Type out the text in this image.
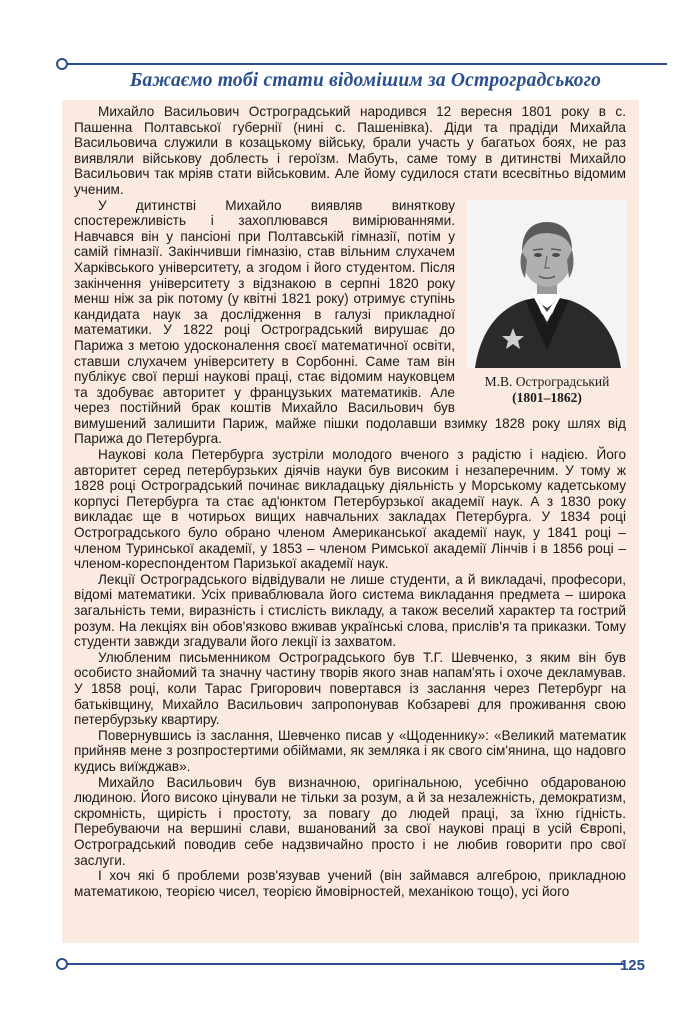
Бажаємо тобі стати відомішим за Остроградського

Михайло Васильович Остроградський народився 12 вересня 1801 року в с. Пашенна Полтавської губернії (нині с. Пашенівка). Діди та прадіди Михайла Васильовича служили в козацькому війську, брали участь у багатьох боях, не раз виявляли військову доблесть і героїзм. Мабуть, саме тому в дитинстві Михайло Васильович так мріяв стати військовим. Але йому судилося стати всесвітньо відомим ученим.

М.В. Остроградський
(1801–1862)

У дитинстві Михайло виявляв виняткову спостережливість і захоплювався вимірюваннями. Навчався він у пансіоні при Полтавській гімназії, потім у самій гімназії. Закінчивши гімназію, став вільним слухачем Харківського університету, а згодом і його студентом. Після закінчення університету з відзнакою в серпні 1820 року менш ніж за рік потому (у квітні 1821 року) отримує ступінь кандидата наук за дослідження в галузі прикладної математики. У 1822 році Остроградський вирушає до Парижа з метою удосконалення своєї математичної освіти, ставши слухачем університету в Сорбонні. Саме там він публікує свої перші наукові праці, стає відомим науковцем та здобуває авторитет у французьких математиків. Але через постійний брак коштів Михайло Васильович був вимушений залишити Париж, майже пішки подолавши взимку 1828 року шлях від Парижа до Петербурга.

Наукові кола Петербурга зустріли молодого вченого з радістю і надією. Його авторитет серед петербурзьких діячів науки був високим і незаперечним. У тому ж 1828 році Остроградський починає викладацьку діяльність у Морському кадетському корпусі Петербурга та стає ад'юнктом Петербурзької академії наук. А з 1830 року викладає ще в чотирьох вищих навчальних закладах Петербурга. У 1834 році Остроградського було обрано членом Американської академії наук, у 1841 році – членом Туринської академії, у 1853 – членом Римської академії Лінчів і в 1856 році – членом-кореспондентом Паризької академії наук.

Лекції Остроградського відвідували не лише студенти, а й викладачі, професори, відомі математики. Усіх приваблювала його система викладання предмета – широка загальність теми, виразність і стислість викладу, а також веселий характер та гострий розум. На лекціях він обов'язково вживав українські слова, прислів'я та приказки. Тому студенти завжди згадували його лекції із захватом.

Улюбленим письменником Остроградського був Т.Г. Шевченко, з яким він був особисто знайомий та значну частину творів якого знав напам'ять і охоче декламував. У 1858 році, коли Тарас Григорович повертався із заслання через Петербург на батьківщину, Михайло Васильович запропонував Кобзареві для проживання свою петербурзьку квартиру.

Повернувшись із заслання, Шевченко писав у «Щоденнику»: «Великий математик прийняв мене з розпростертими обіймами, як земляка і як свого сім'янина, що надовго кудись виїжджав».

Михайло Васильович був визначною, оригінальною, усебічно обдарованою людиною. Його високо цінували не тільки за розум, а й за незалежність, демократизм, скромність, щирість і простоту, за повагу до людей праці, за їхню гідність. Перебуваючи на вершині слави, вшанований за свої наукові праці в усій Європі, Остроградський поводив себе надзвичайно просто і не любив говорити про свої заслуги.

І хоч які б проблеми розв'язував учений (він займався алгеброю, прикладною математикою, теорією чисел, теорією ймовірностей, механікою тощо), усі його

125
